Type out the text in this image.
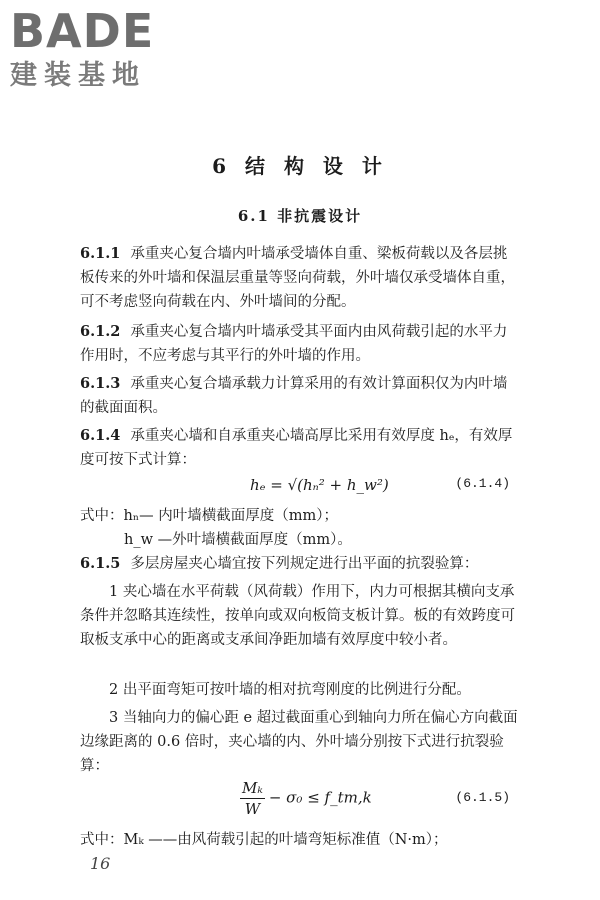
BADE
建装基地
6 结 构 设 计
6.1 非抗震设计

6.1.1 承重夹心复合墙内叶墙承受墙体自重、梁板荷载以及各层挑板传来的外叶墙和保温层重量等竖向荷载，外叶墙仅承受墙体自重，可不考虑竖向荷载在内、外叶墙间的分配。

6.1.2 承重夹心复合墙内叶墙承受其平面内由风荷载引起的水平力作用时，不应考虑与其平行的外叶墙的作用。

6.1.3 承重夹心复合墙承载力计算采用的有效计算面积仅为内叶墙的截面面积。

6.1.4 承重夹心墙和自承重夹心墙高厚比采用有效厚度 hₑ，有效厚度可按下式计算：

hₑ = √(hₙ² + h_w²)	(6.1.4)

式中：hₙ— 内叶墙横截面厚度（mm）；

h_w —外叶墙横截面厚度（mm）。

6.1.5 多层房屋夹心墙宜按下列规定进行出平面的抗裂验算：

1 夹心墙在水平荷载（风荷载）作用下，内力可根据其横向支承条件并忽略其连续性，按单向或双向板筒支板计算。板的有效跨度可取板支承中心的距离或支承间净距加墙有效厚度中较小者。

2 出平面弯矩可按叶墙的相对抗弯刚度的比例进行分配。

3 当轴向力的偏心距 e 超过截面重心到轴向力所在偏心方向截面边缘距离的 0.6 倍时，夹心墙的内、外叶墙分别按下式进行抗裂验算：

$\frac{\text{Mₖ}}{W} - \sigma_0$ ≤ f_tm,k	(6.1.5)

式中：Mₖ ——由风荷载引起的叶墙弯矩标准值（N·m）；

16
